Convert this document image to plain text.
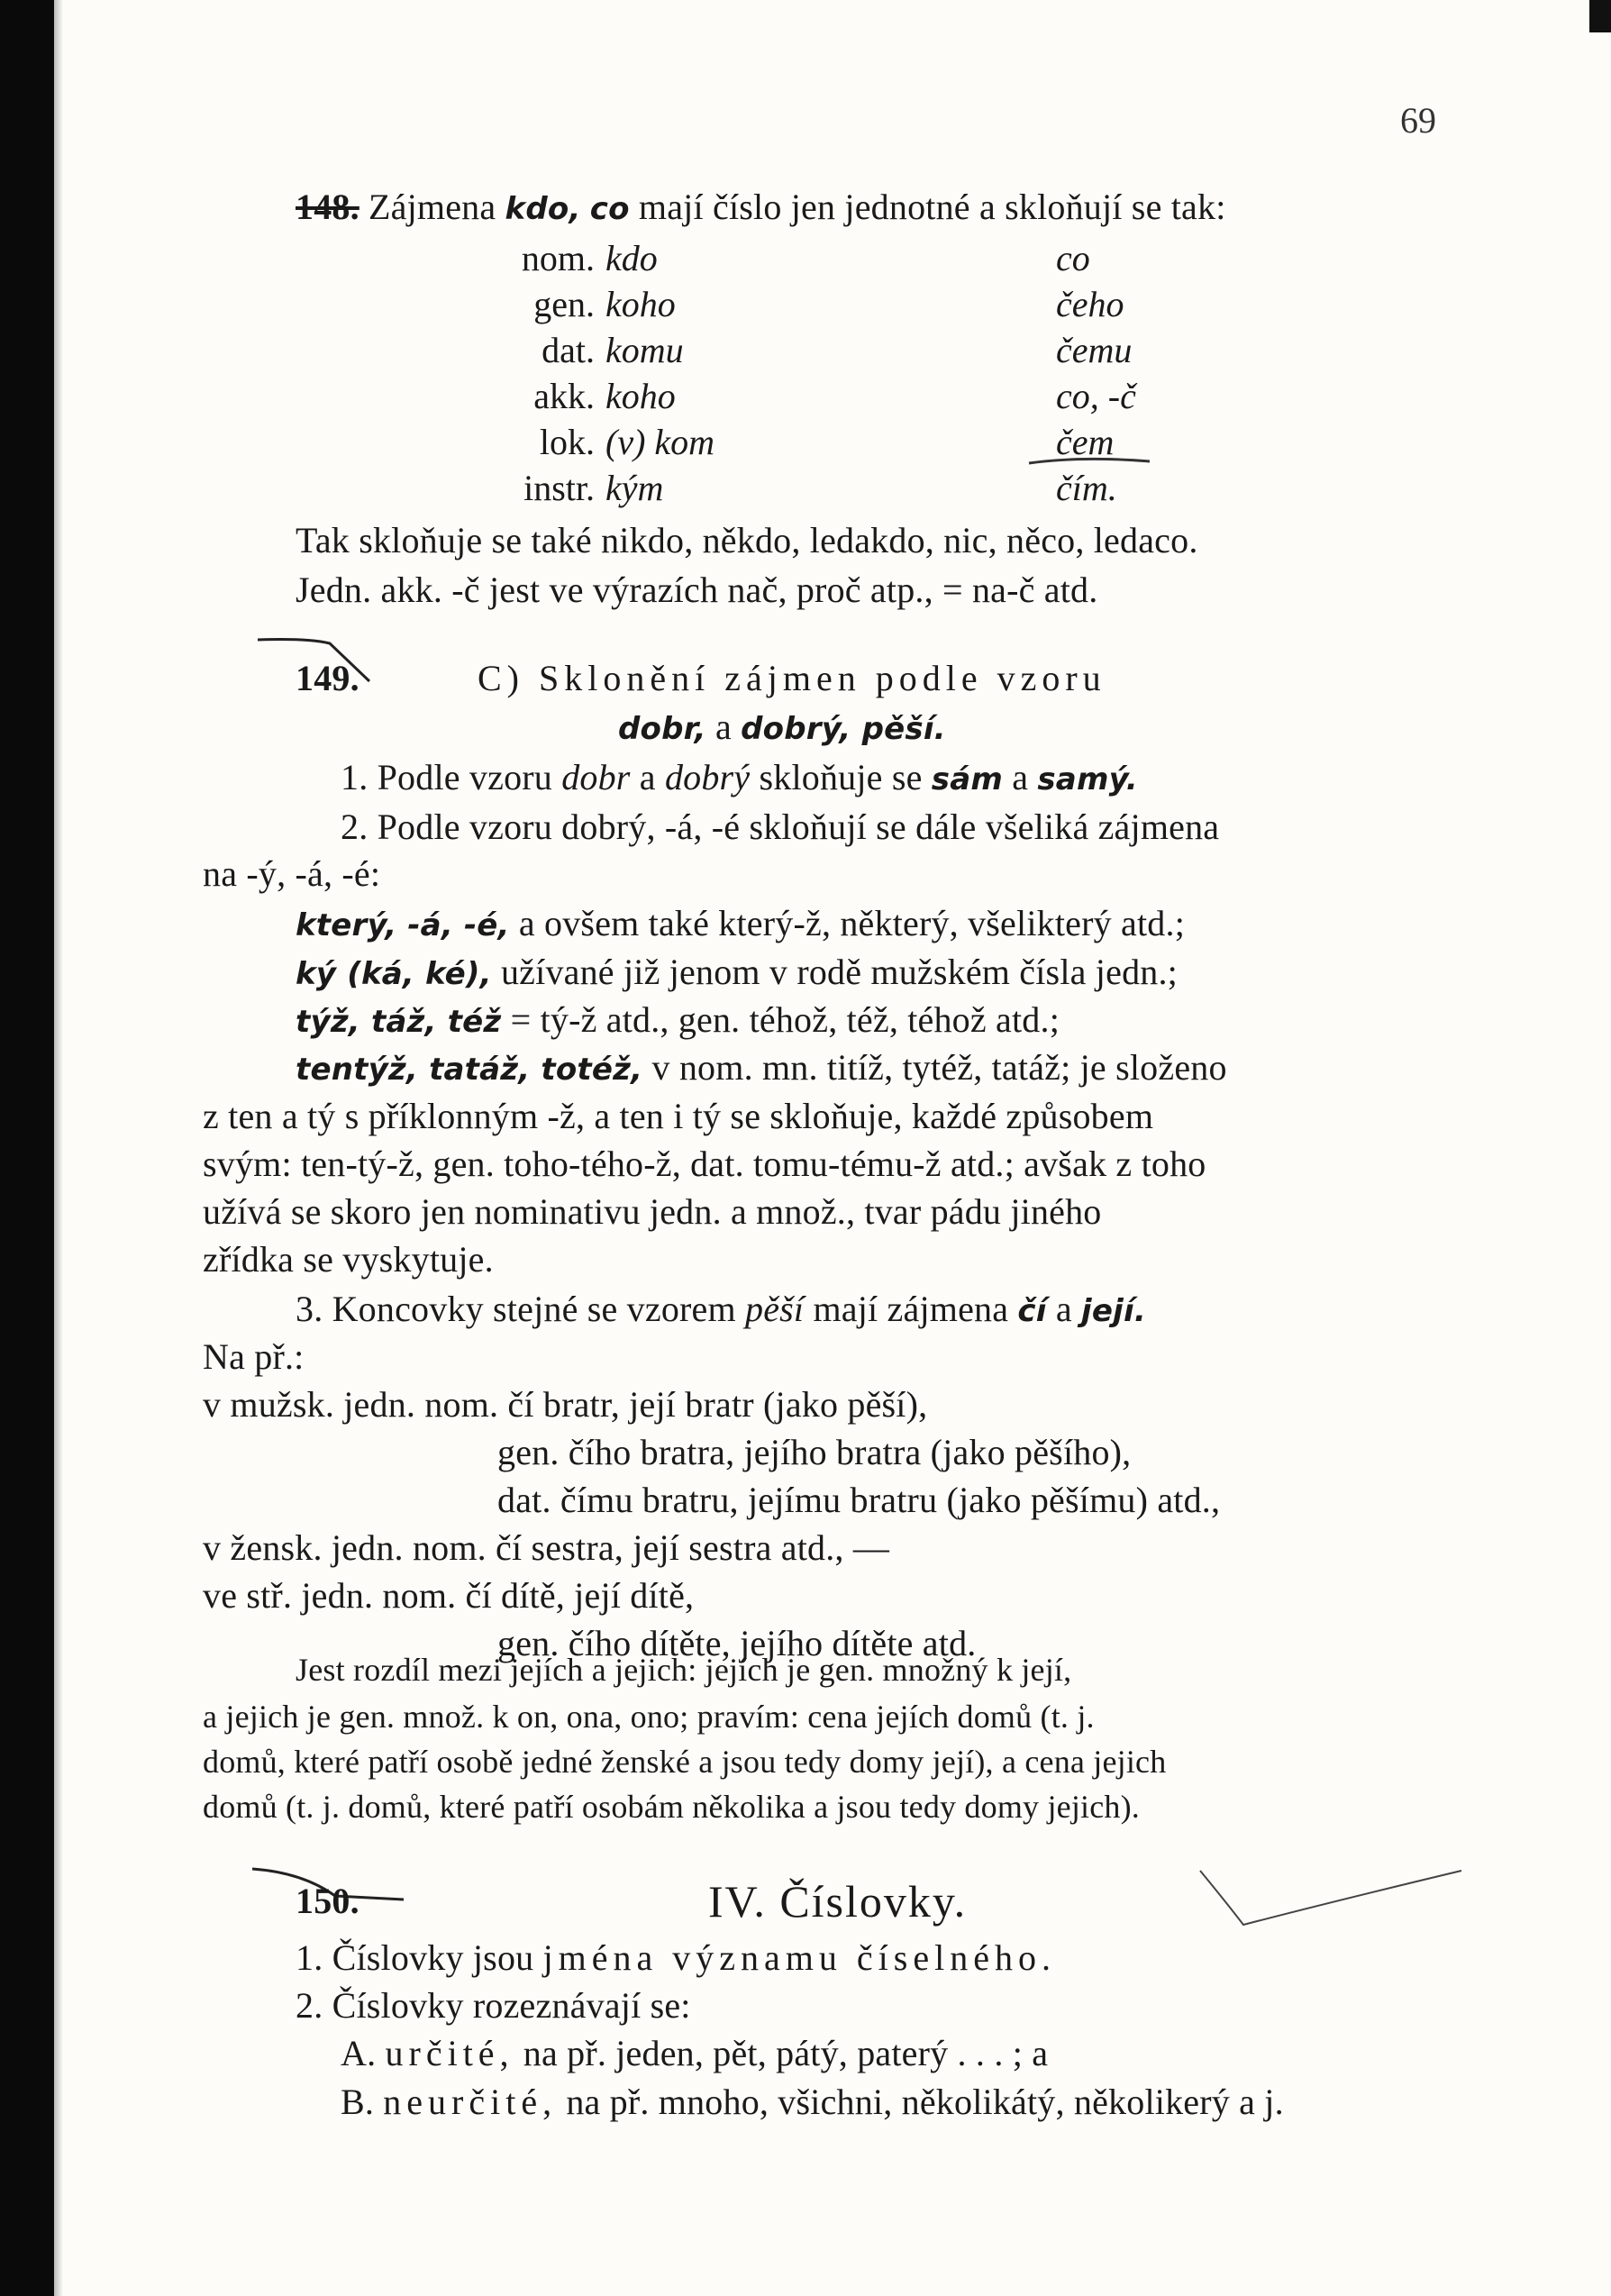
69
148. Zájmena kdo, co mají číslo jen jednotné a skloňují se tak:
nom. kdo	co
gen. koho	čeho
dat. komu	čemu
akk. koho	co, -č
lok. (v) kom	čem
instr. kým	čím.
Tak skloňuje se také nikdo, někdo, ledakdo, nic, něco, ledaco.
Jedn. akk. -č jest ve výrazích nač, proč atp., = na-č atd.
149.	C) Sklonění zájmen podle vzoru
dobr, a dobrý, pěší.
1. Podle vzoru dobr a dobrý skloňuje se sám a samý.
2. Podle vzoru dobrý, -á, -é skloňují se dále všeliká zájmena
na -ý, -á, -é:
který, -á, -é, a ovšem také který-ž, některý, všelikterý atd.;
ký (ká, ké), užívané již jenom v rodě mužském čísla jedn.;
týž, táž, též = tý-ž atd., gen. téhož, též, téhož atd.;
tentýž, tatáž, totéž, v nom. mn. titíž, tytéž, tatáž; je složeno
z ten a tý s příklonným -ž, a ten i tý se skloňuje, každé způsobem
svým: ten-tý-ž, gen. toho-tého-ž, dat. tomu-tému-ž atd.; avšak z toho
užívá se skoro jen nominativu jedn. a množ., tvar pádu jiného
zřídka se vyskytuje.
3. Koncovky stejné se vzorem pěší mají zájmena čí a její.
Na př.:
v mužsk. jedn. nom. čí bratr, její bratr (jako pěší),
gen. čího bratra, jejího bratra (jako pěšího),
dat. čímu bratru, jejímu bratru (jako pěšímu) atd.,
v žensk. jedn. nom. čí sestra, její sestra atd., —
ve stř. jedn. nom. čí dítě, její dítě,
gen. čího dítěte, jejího dítěte atd.
Jest rozdíl mezi jejích a jejich: jejích je gen. množný k její,
a jejich je gen. množ. k on, ona, ono; pravím: cena jejích domů (t. j.
domů, které patří osobě jedné ženské a jsou tedy domy její), a cena jejich
domů (t. j. domů, které patří osobám několika a jsou tedy domy jejich).
150.	IV. Číslovky.
1. Číslovky jsou jména významu číselného.
2. Číslovky rozeznávají se:
A. určité, na př. jeden, pět, pátý, paterý . . . ; a
B. neurčité, na př. mnoho, všichni, několikátý, několikerý a j.
